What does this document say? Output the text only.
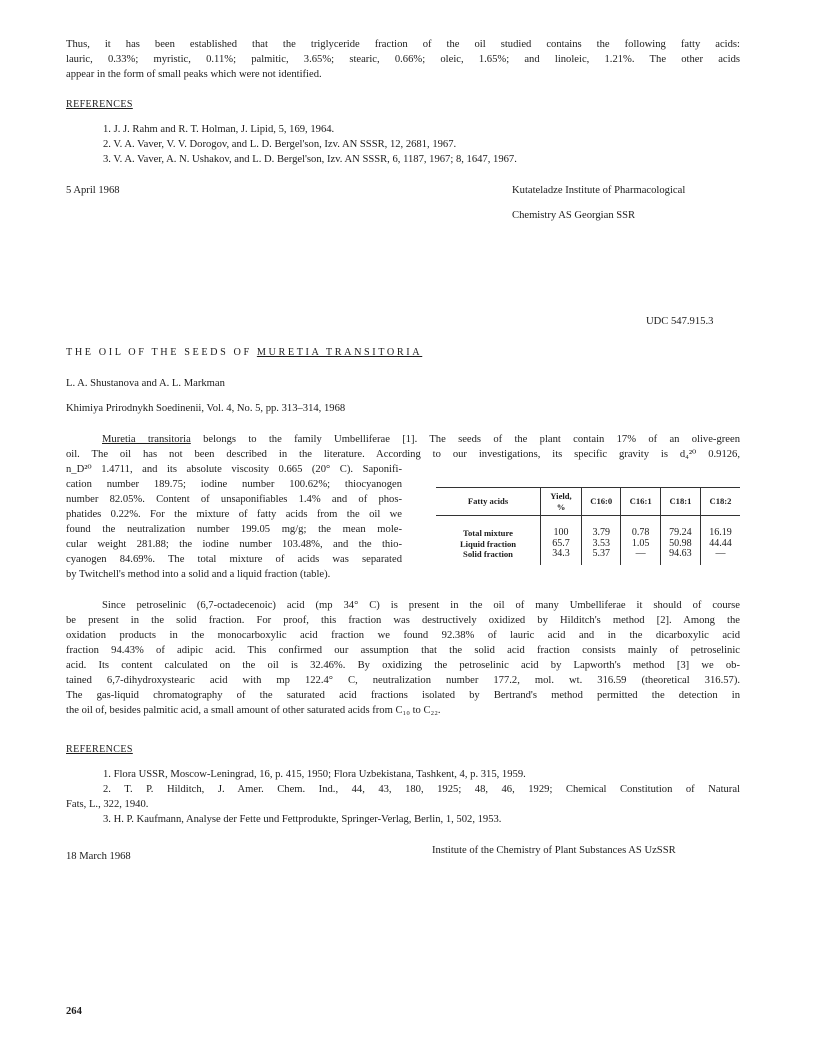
Thus, it has been established that the triglyceride fraction of the oil studied contains the following fatty acids:
lauric, 0.33%; myristic, 0.11%; palmitic, 3.65%; stearic, 0.66%; oleic, 1.65%; and linoleic, 1.21%. The other acids
appear in the form of small peaks which were not identified.
REFERENCES
1. J. J. Rahm and R. T. Holman, J. Lipid, 5, 169, 1964.
2. V. A. Vaver, V. V. Dorogov, and L. D. Bergel'son, Izv. AN SSSR, 12, 2681, 1967.
3. V. A. Vaver, A. N. Ushakov, and L. D. Bergel'son, Izv. AN SSSR, 6, 1187, 1967; 8, 1647, 1967.
5 April 1968	Kutateladze Institute of Pharmacological
Chemistry AS Georgian SSR
UDC 547.915.3
THE OIL OF THE SEEDS OF MURETIA TRANSITORIA
L. A. Shustanova and A. L. Markman
Khimiya Prirodnykh Soedinenii, Vol. 4, No. 5, pp. 313–314, 1968
Muretia transitoria belongs to the family Umbelliferae [1]. The seeds of the plant contain 17% of an olive-green
oil. The oil has not been described in the literature. According to our investigations, its specific gravity is d₄²⁰ 0.9126,
n_D²⁰ 1.4711, and its absolute viscosity 0.665 (20° C). Saponifi-
cation number 189.75; iodine number 100.62%; thiocyanogen
number 82.05%. Content of unsaponifiables 1.4% and of phos-
phatides 0.22%. For the mixture of fatty acids from the oil we
found the neutralization number 199.05 mg/g; the mean mole-
cular weight 281.88; the iodine number 103.48%, and the thio-
cyanogen 84.69%. The total mixture of acids was separated
by Twitchell's method into a solid and a liquid fraction (table).
Fatty acids	Yield, %	C16:0	C16:1	C18:1	C18:2
Total mixture	100	3.79	0.78	79.24	16.19
Liquid fraction	65.7	3.53	1.05	50.98	44.44
Solid fraction	34.3	5.37	—	94.63	—
Since petroselinic (6,7-octadecenoic) acid (mp 34° C) is present in the oil of many Umbelliferae it should of course
be present in the solid fraction. For proof, this fraction was destructively oxidized by Hilditch's method [2]. Among the
oxidation products in the monocarboxylic acid fraction we found 92.38% of lauric acid and in the dicarboxylic acid
fraction 94.43% of adipic acid. This confirmed our assumption that the solid acid fraction consists mainly of petroselinic
acid. Its content calculated on the oil is 32.46%. By oxidizing the petroselinic acid by Lapworth's method [3] we ob-
tained 6,7-dihydroxystearic acid with mp 122.4° C, neutralization number 177.2, mol. wt. 316.59 (theoretical 316.57).
The gas-liquid chromatography of the saturated acid fractions isolated by Bertrand's method permitted the detection in
the oil of, besides palmitic acid, a small amount of other saturated acids from C₁₀ to C₂₂.
REFERENCES
1. Flora USSR, Moscow-Leningrad, 16, p. 415, 1950; Flora Uzbekistana, Tashkent, 4, p. 315, 1959.
2. T. P. Hilditch, J. Amer. Chem. Ind., 44, 43, 180, 1925; 48, 46, 1929; Chemical Constitution of Natural
Fats, L., 322, 1940.
3. H. P. Kaufmann, Analyse der Fette und Fettprodukte, Springer-Verlag, Berlin, 1, 502, 1953.
18 March 1968
Institute of the Chemistry of Plant Substances AS UzSSR
264
